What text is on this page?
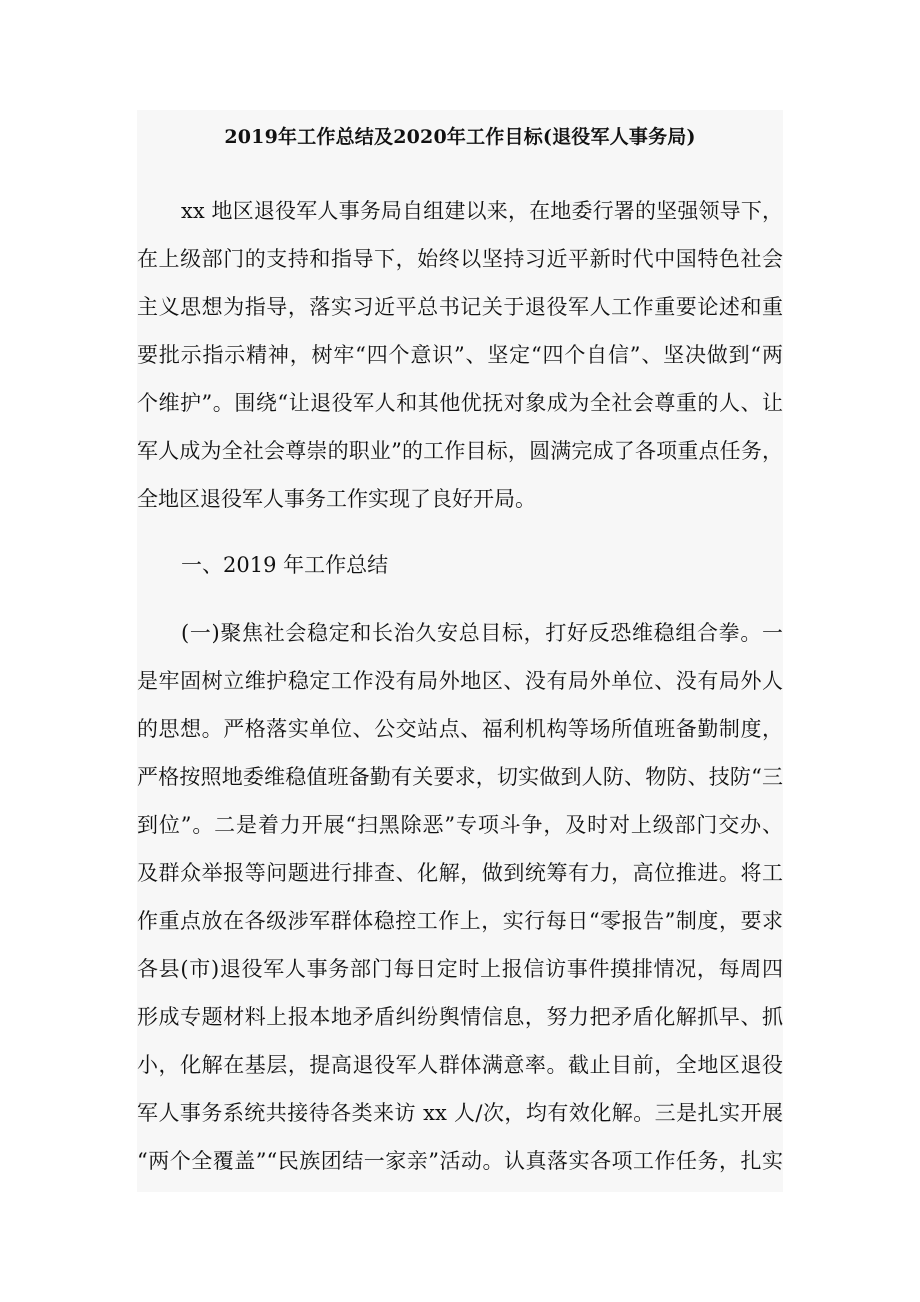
2019年工作总结及2020年工作目标(退役军人事务局)
xx 地区退役军人事务局自组建以来，在地委行署的坚强领导下，
在上级部门的支持和指导下，始终以坚持习近平新时代中国特色社会
主义思想为指导，落实习近平总书记关于退役军人工作重要论述和重
要批示指示精神，树牢“四个意识”、坚定“四个自信”、坚决做到“两
个维护”。围绕“让退役军人和其他优抚对象成为全社会尊重的人、让
军人成为全社会尊崇的职业”的工作目标，圆满完成了各项重点任务，
全地区退役军人事务工作实现了良好开局。
一、2019 年工作总结
(一)聚焦社会稳定和长治久安总目标，打好反恐维稳组合拳。一
是牢固树立维护稳定工作没有局外地区、没有局外单位、没有局外人
的思想。严格落实单位、公交站点、福利机构等场所值班备勤制度，
严格按照地委维稳值班备勤有关要求，切实做到人防、物防、技防“三
到位”。二是着力开展“扫黑除恶”专项斗争，及时对上级部门交办、
及群众举报等问题进行排查、化解，做到统筹有力，高位推进。将工
作重点放在各级涉军群体稳控工作上，实行每日“零报告”制度，要求
各县(市)退役军人事务部门每日定时上报信访事件摸排情况，每周四
形成专题材料上报本地矛盾纠纷舆情信息，努力把矛盾化解抓早、抓
小，化解在基层，提高退役军人群体满意率。截止目前，全地区退役
军人事务系统共接待各类来访 xx 人/次，均有效化解。三是扎实开展
“两个全覆盖”“民族团结一家亲”活动。认真落实各项工作任务，扎实
